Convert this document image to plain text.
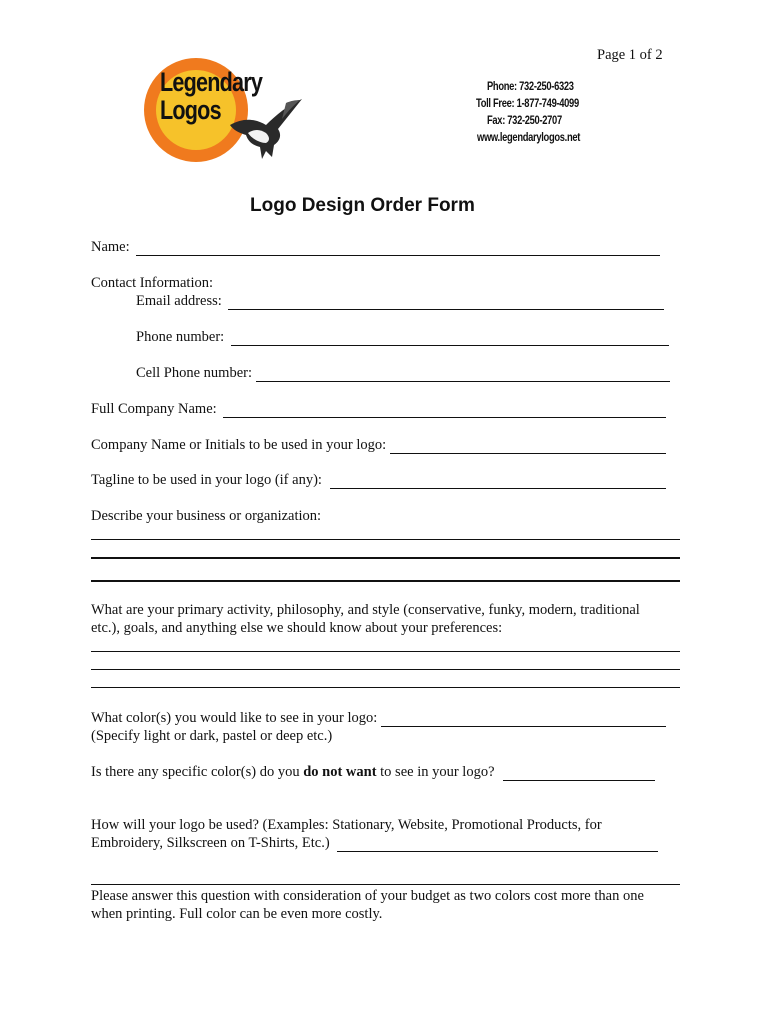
Page 1 of 2
Legendary
Logos
Phone: 732-250-6323
Toll Free: 1-877-749-4099
Fax: 732-250-2707
www.legendarylogos.net
Logo Design Order Form
Name:
Contact Information:
Email address:
Phone number:
Cell Phone number:
Full Company Name:
Company Name or Initials to be used in your logo:
Tagline to be used in your logo (if any):
Describe your business or organization:
What are your primary activity, philosophy, and style (conservative, funky, modern, traditional
etc.), goals, and anything else we should know about your preferences:
What color(s) you would like to see in your logo:
(Specify light or dark, pastel or deep etc.)
Is there any specific color(s) do you do not want to see in your logo?
How will your logo be used? (Examples: Stationary, Website, Promotional Products, for
Embroidery, Silkscreen on T-Shirts, Etc.)
Please answer this question with consideration of your budget as two colors cost more than one
when printing. Full color can be even more costly.
